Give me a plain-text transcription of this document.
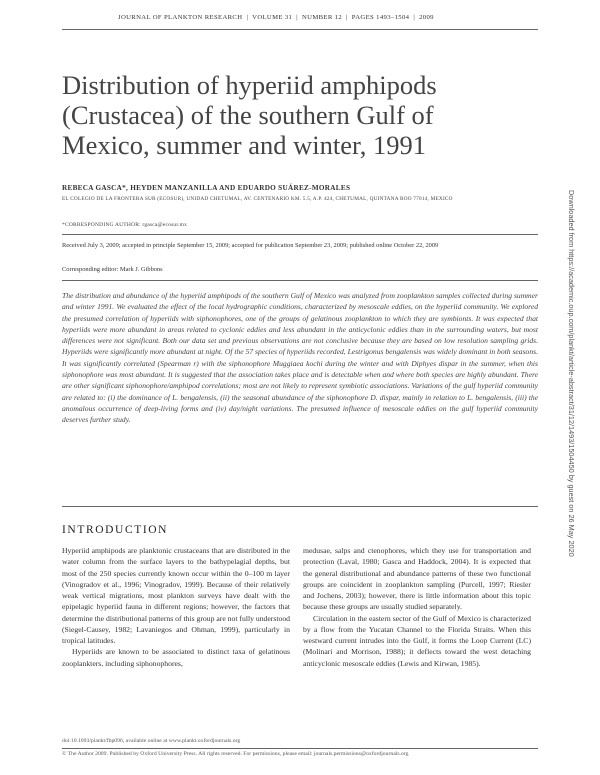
JOURNAL OF PLANKTON RESEARCH | VOLUME 31 | NUMBER 12 | PAGES 1493–1504 | 2009
Distribution of hyperiid amphipods (Crustacea) of the southern Gulf of Mexico, summer and winter, 1991
REBECA GASCA*, HEYDEN MANZANILLA AND EDUARDO SUÁREZ-MORALES
EL COLEGIO DE LA FRONTERA SUR (ECOSUR), UNIDAD CHETUMAL, AV. CENTENARIO KM. 5.5, A.P. 424, CHETUMAL, QUINTANA ROO 77014, MEXICO
*CORRESPONDING AUTHOR: rgasca@ecosur.mx
Received July 3, 2009; accepted in principle September 15, 2009; accepted for publication September 23, 2009; published online October 22, 2009
Corresponding editor: Mark J. Gibbons

The distribution and abundance of the hyperiid amphipods of the southern Gulf of Mexico was analyzed from zooplankton samples collected during summer and winter 1991. We evaluated the effect of the local hydrographic conditions, characterized by mesoscale eddies, on the hyperiid community. We explored the presumed correlation of hyperiids with siphonophores, one of the groups of gelatinous zooplankton to which they are symbionts. It was expected that hyperiids were more abundant in areas related to cyclonic eddies and less abundant in the anticyclonic eddies than in the surrounding waters, but most differences were not significant. Both our data set and previous observations are not conclusive because they are based on low resolution sampling grids. Hyperiids were significantly more abundant at night. Of the 57 species of hyperiids recorded, Lestrigonus bengalensis was widely dominant in both seasons. It was significantly correlated (Spearman r) with the siphonophore Muggiaea kochi during the winter and with Diphyes dispar in the summer, when this siphonophore was most abundant. It is suggested that the association takes place and is detectable when and where both species are highly abundant. There are other significant siphonophore/amphipod correlations; most are not likely to represent symbiotic associations. Variations of the gulf hyperiid community are related to: (i) the dominance of L. bengalensis, (ii) the seasonal abundance of the siphonophore D. dispar, mainly in relation to L. bengalensis, (iii) the anomalous occurrence of deep-living forms and (iv) day/night variations. The presumed influence of mesoscale eddies on the gulf hyperiid community deserves further study.

INTRODUCTION

Hyperiid amphipods are planktonic crustaceans that are distributed in the water column from the surface layers to the bathypelagial depths, but most of the 250 species currently known occur within the 0–100 m layer (Vinogradov et al., 1996; Vinogradov, 1999). Because of their relatively weak vertical migrations, most plankton surveys have dealt with the epipelagic hyperiid fauna in different regions; however, the factors that determine the distributional patterns of this group are not fully understood (Siegel-Causey, 1982; Lavaniegos and Ohman, 1999), particularly in tropical latitudes.

Hyperiids are known to be associated to distinct taxa of gelatinous zooplankters, including siphonophores,

medusae, salps and ctenophores, which they use for transportation and protection (Laval, 1980; Gasca and Haddock, 2004). It is expected that the general distributional and abundance patterns of these two functional groups are coincident in zooplankton sampling (Purcell, 1997; Riesler and Jochens, 2003); however, there is little information about this topic because these groups are usually studied separately.

Circulation in the eastern sector of the Gulf of Mexico is characterized by a flow from the Yucatan Channel to the Florida Straits. When this westward current intrudes into the Gulf, it forms the Loop Current (LC) (Molinari and Morrison, 1988); it deflects toward the west detaching anticyclonic mesoscale eddies (Lewis and Kirwan, 1985).

doi:10.1093/plankt/fbp096, available online at www.plankt.oxfordjournals.org
© The Author 2009. Published by Oxford University Press. All rights reserved. For permissions, please email: journals.permissions@oxfordjournals.org
Downloaded from https://academic.oup.com/plankt/article-abstract/31/12/1493/1504450 by guest on 26 May 2020
